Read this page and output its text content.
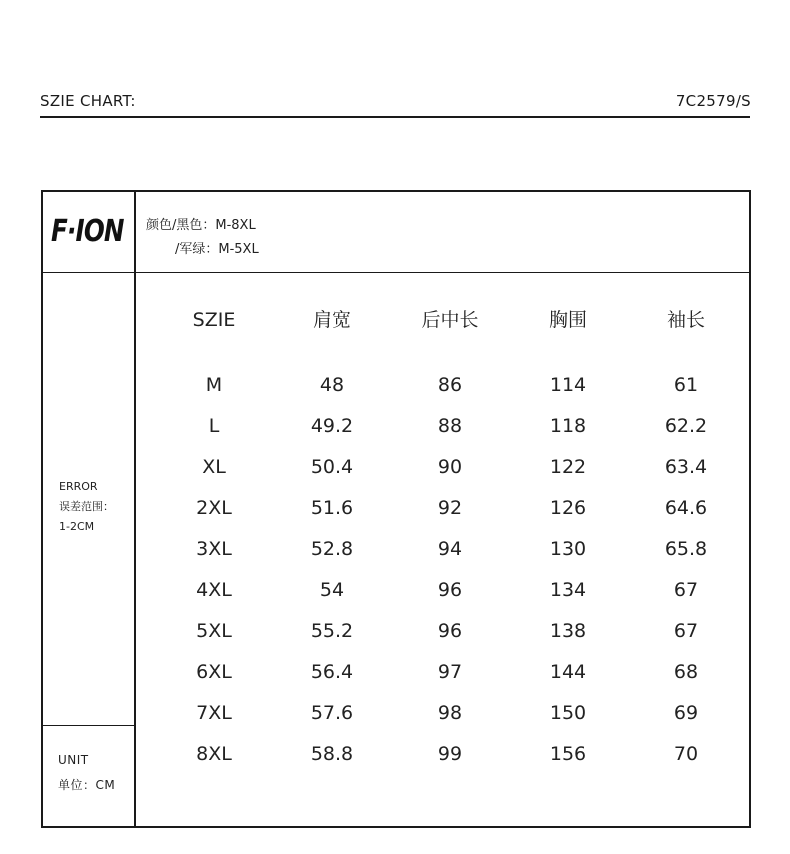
SZIE CHART:	7C2579/S
F·ION 颜色/黑色：M-8XL
/军绿：M-5XL
ERROR
误差范围：
1-2CM
UNIT
单位：CM
SZIE	肩宽	后中长	胸围	袖长
M	48	86	114	61
L	49.2	88	118	62.2
XL	50.4	90	122	63.4
2XL	51.6	92	126	64.6
3XL	52.8	94	130	65.8
4XL	54	96	134	67
5XL	55.2	96	138	67
6XL	56.4	97	144	68
7XL	57.6	98	150	69
8XL	58.8	99	156	70
